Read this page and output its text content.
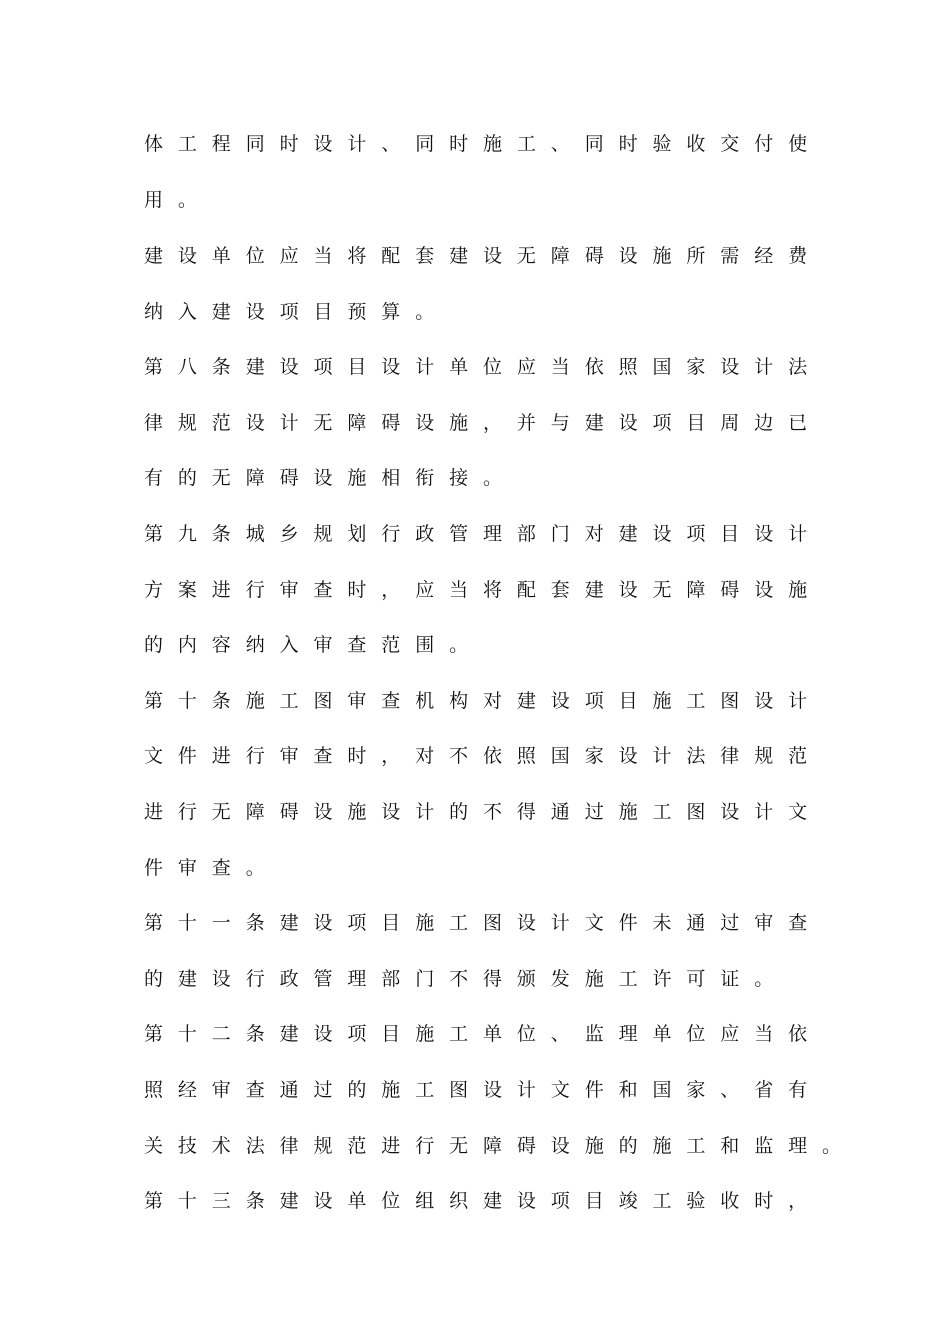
体工程同时设计、同时施工、同时验收交付使
用。
建设单位应当将配套建设无障碍设施所需经费
纳入建设项目预算。
第八条建设项目设计单位应当依照国家设计法
律规范设计无障碍设施，并与建设项目周边已
有的无障碍设施相衔接。
第九条城乡规划行政管理部门对建设项目设计
方案进行审查时，应当将配套建设无障碍设施
的内容纳入审查范围。
第十条施工图审查机构对建设项目施工图设计
文件进行审查时，对不依照国家设计法律规范
进行无障碍设施设计的不得通过施工图设计文
件审查。
第十一条建设项目施工图设计文件未通过审查
的建设行政管理部门不得颁发施工许可证。
第十二条建设项目施工单位、监理单位应当依
照经审查通过的施工图设计文件和国家、省有
关技术法律规范进行无障碍设施的施工和监理。
第十三条建设单位组织建设项目竣工验收时，
